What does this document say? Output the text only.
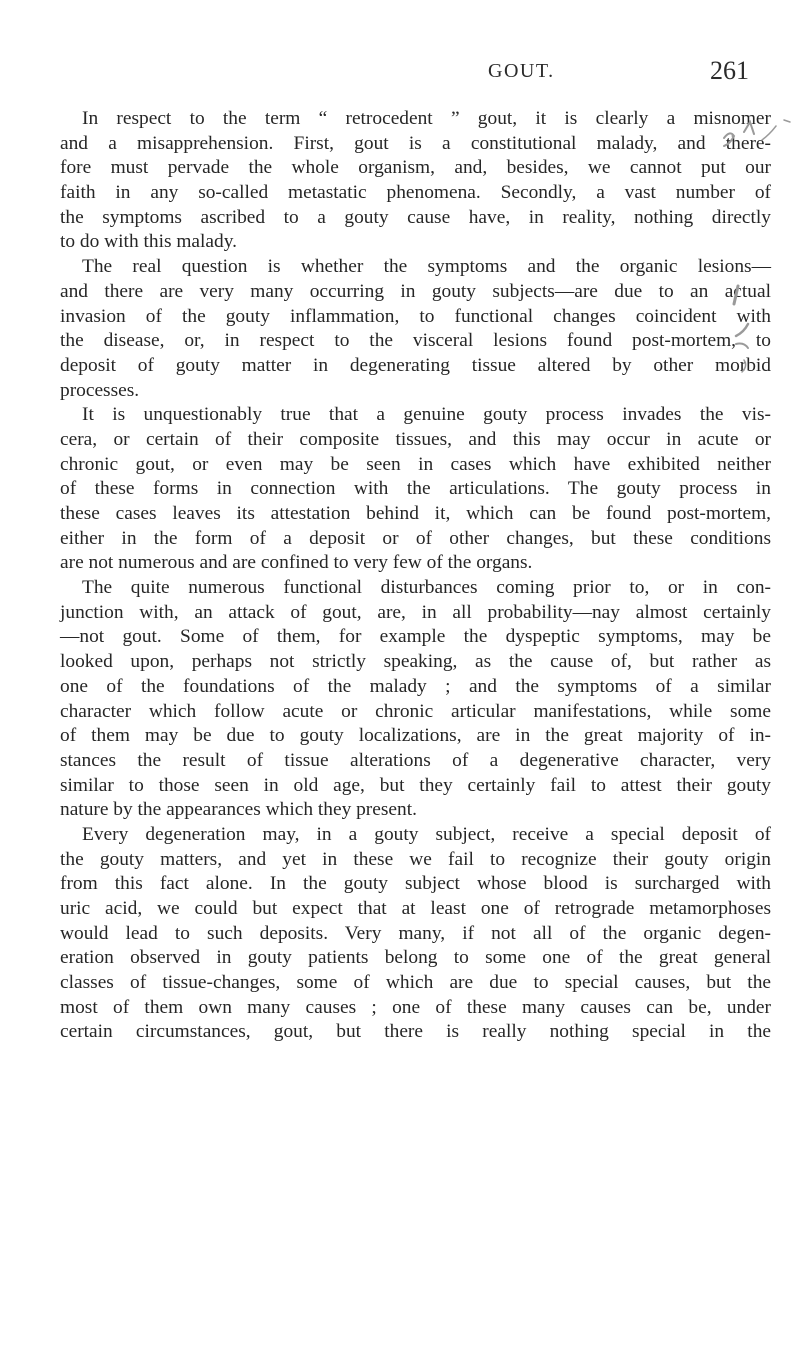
GOUT.	261
In respect to the term “ retrocedent ” gout, it is clearly a misnomer
and a misapprehension. First, gout is a constitutional malady, and there-
fore must pervade the whole organism, and, besides, we cannot put our
faith in any so-called metastatic phenomena. Secondly, a vast number of
the symptoms ascribed to a gouty cause have, in reality, nothing directly
to do with this malady.
The real question is whether the symptoms and the organic lesions—
and there are very many occurring in gouty subjects—are due to an actual
invasion of the gouty inflammation, to functional changes coincident with
the disease, or, in respect to the visceral lesions found post-mortem, to
deposit of gouty matter in degenerating tissue altered by other morbid
processes.
It is unquestionably true that a genuine gouty process invades the vis-
cera, or certain of their composite tissues, and this may occur in acute or
chronic gout, or even may be seen in cases which have exhibited neither
of these forms in connection with the articulations. The gouty process in
these cases leaves its attestation behind it, which can be found post-mortem,
either in the form of a deposit or of other changes, but these conditions
are not numerous and are confined to very few of the organs.
The quite numerous functional disturbances coming prior to, or in con-
junction with, an attack of gout, are, in all probability—nay almost certainly
—not gout. Some of them, for example the dyspeptic symptoms, may be
looked upon, perhaps not strictly speaking, as the cause of, but rather as
one of the foundations of the malady ; and the symptoms of a similar
character which follow acute or chronic articular manifestations, while some
of them may be due to gouty localizations, are in the great majority of in-
stances the result of tissue alterations of a degenerative character, very
similar to those seen in old age, but they certainly fail to attest their gouty
nature by the appearances which they present.
Every degeneration may, in a gouty subject, receive a special deposit of
the gouty matters, and yet in these we fail to recognize their gouty origin
from this fact alone. In the gouty subject whose blood is surcharged with
uric acid, we could but expect that at least one of retrograde metamorphoses
would lead to such deposits. Very many, if not all of the organic degen-
eration observed in gouty patients belong to some one of the great general
classes of tissue-changes, some of which are due to special causes, but the
most of them own many causes ; one of these many causes can be, under
certain circumstances, gout, but there is really nothing special in the
